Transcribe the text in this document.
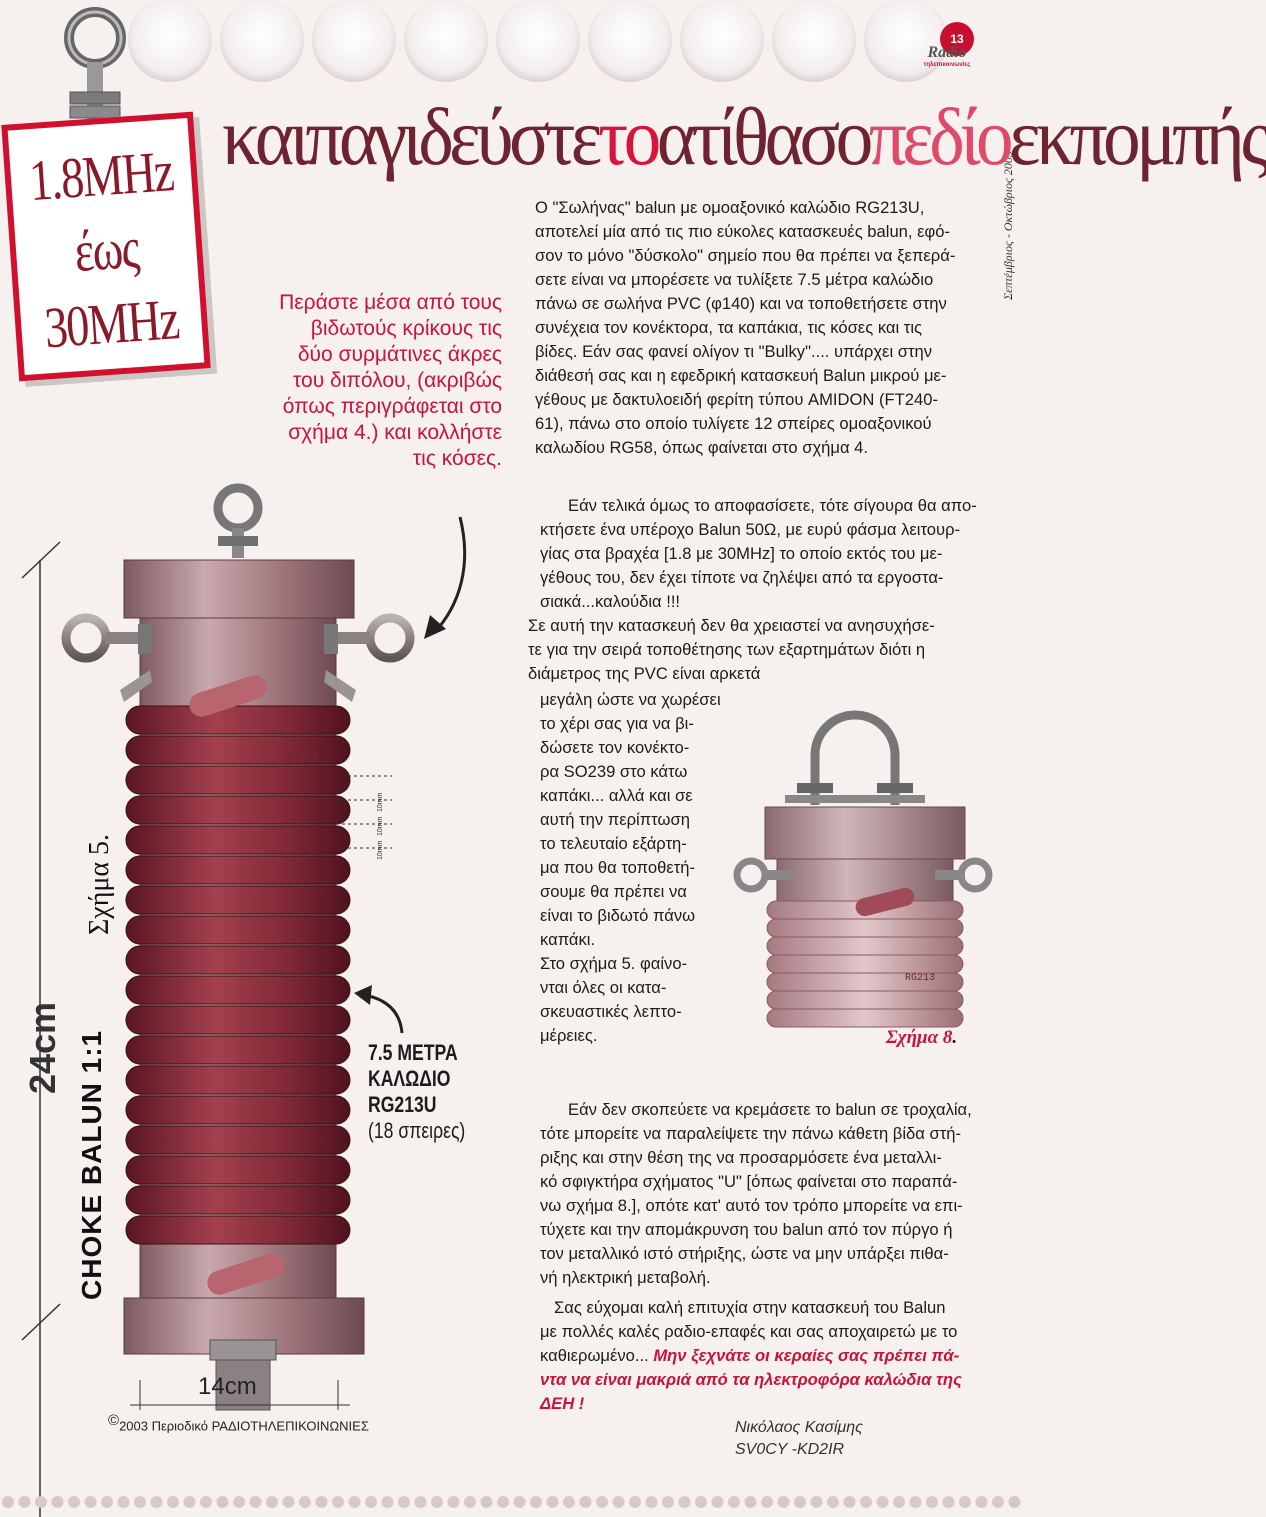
13
Radio
τηλεπικοινωνίες
Σεπτέμβριος - Οκτώβριος 2003
καιπαγιδεύστετοατίθασοπεδίοεκπομπής
1.8MHz
έως
30MHz	Περάστε μέσα από τους
βιδωτούς κρίκους τις
δύο συρμάτινες άκρες
του διπόλου, (ακριβώς
όπως περιγράφεται στο
σχήμα 4.) και κολλήστε
τις κόσες.
RG213
10mm
10mm
10mm
Σχήμα 5.
24cm CHOKE BALUN 1:1
14cm
7.5 ΜΕΤΡΑ
ΚΑΛΩΔΙΟ
RG213U
(18 σπειρες)
Ο "Σωλήνας" balun με ομοαξονικό καλώδιο RG213U,
αποτελεί μία από τις πιο εύκολες κατασκευές balun, εφό-
σον το μόνο "δύσκολο" σημείο που θα πρέπει να ξεπερά-
σετε είναι να μπορέσετε να τυλίξετε 7.5 μέτρα καλώδιο
πάνω σε σωλήνα PVC (φ140) και να τοποθετήσετε στην
συνέχεια τον κονέκτορα, τα καπάκια, τις κόσες και τις
βίδες. Εάν σας φανεί ολίγον τι "Bulky".... υπάρχει στην
διάθεσή σας και η εφεδρική κατασκευή Balun μικρού με-
γέθους με δακτυλοειδή φερίτη τύπου AMIDON (FT240-
61), πάνω στο οποίο τυλίγετε 12 σπείρες ομοαξονικού
καλωδίου RG58, όπως φαίνεται στο σχήμα 4.
Εάν τελικά όμως το αποφασίσετε, τότε σίγουρα θα απο-
κτήσετε ένα υπέροχο Balun 50Ω, με ευρύ φάσμα λειτουρ-
γίας στα βραχέα [1.8 με 30MHz] το οποίο εκτός του με-
γέθους του, δεν έχει τίποτε να ζηλέψει από τα εργοστα-
σιακά...καλούδια !!!
Σε αυτή την κατασκευή δεν θα χρειαστεί να ανησυχήσε-
τε για την σειρά τοποθέτησης των εξαρτημάτων διότι η
διάμετρος της PVC είναι αρκετά
μεγάλη ώστε να χωρέσει
το χέρι σας για να βι-
δώσετε τον κονέκτο-
ρα SO239 στο κάτω
καπάκι... αλλά και σε
αυτή την περίπτωση
το τελευταίο εξάρτη-
μα που θα τοποθετή-
σουμε θα πρέπει να
είναι το βιδωτό πάνω
καπάκι.
Στο σχήμα 5. φαίνο-
νται όλες οι κατα-
σκευαστικές λεπτο-
μέρειες.
RG213
Σχήμα 8.
Εάν δεν σκοπεύετε να κρεμάσετε το balun σε τροχαλία,
τότε μπορείτε να παραλείψετε την πάνω κάθετη βίδα στή-
ριξης και στην θέση της να προσαρμόσετε ένα μεταλλι-
κό σφιγκτήρα σχήματος "U" [όπως φαίνεται στο παραπά-
νω σχήμα 8.], οπότε κατ' αυτό τον τρόπο μπορείτε να επι-
τύχετε και την απομάκρυνση του balun από τον πύργο ή
τον μεταλλικό ιστό στήριξης, ώστε να μην υπάρξει πιθα-
νή ηλεκτρική μεταβολή.
Σας εύχομαι καλή επιτυχία στην κατασκευή του Balun
με πολλές καλές ραδιο-επαφές και σας αποχαιρετώ με το
καθιερωμένο... Μην ξεχνάτε οι κεραίες σας πρέπει πά-
ντα να είναι μακριά από τα ηλεκτροφόρα καλώδια της
ΔΕΗ !
Νικόλαος Κασίμης
SV0CY -KD2IR
©2003 Περιοδικό ΡΑΔΙΟΤΗΛΕΠΙΚΟΙΝΩΝΙΕΣ
